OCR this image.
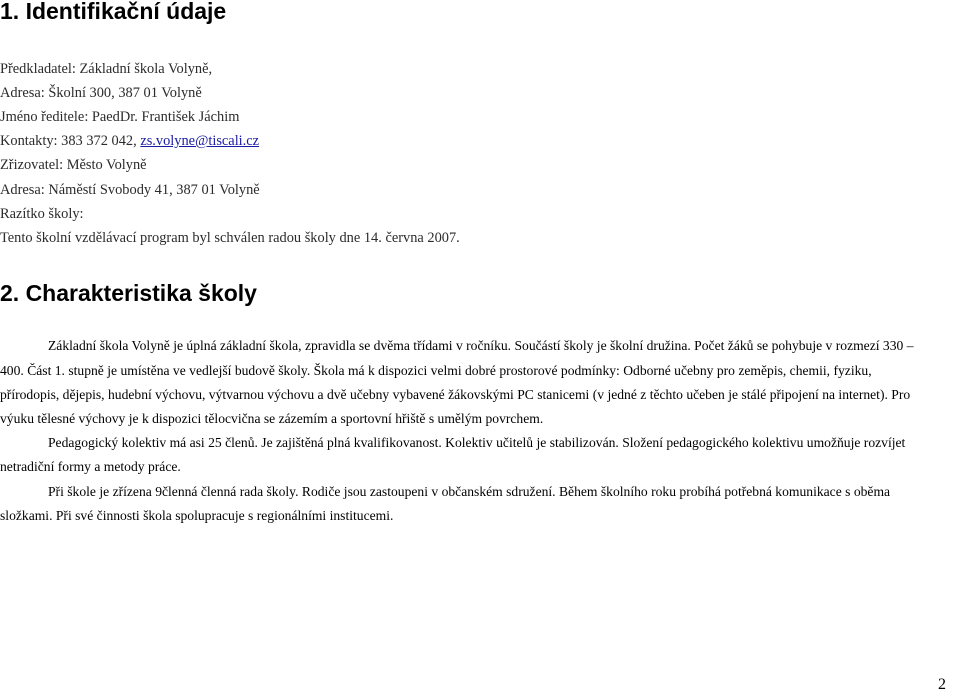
1. Identifikační údaje
Předkladatel: Základní škola Volyně,
Adresa: Školní 300, 387 01 Volyně
Jméno ředitele: PaedDr. František Jáchim
Kontakty: 383 372 042, zs.volyne@tiscali.cz
Zřizovatel: Město Volyně
Adresa: Náměstí Svobody 41, 387 01 Volyně
Razítko školy:
Tento školní vzdělávací program byl schválen radou školy dne 14. června 2007.
2. Charakteristika školy
Základní škola Volyně je úplná základní škola, zpravidla se dvěma třídami v ročníku. Součástí školy je školní družina. Počet žáků se pohybuje v rozmezí 330 –
400. Část 1. stupně je umístěna ve vedlejší budově školy. Škola má k dispozici velmi dobré prostorové podmínky: Odborné učebny pro zeměpis, chemii, fyziku,
přírodopis, dějepis, hudební výchovu, výtvarnou výchovu a dvě učebny vybavené žákovskými PC stanicemi (v jedné z těchto učeben je stálé připojení na internet). Pro
výuku tělesné výchovy je k dispozici tělocvična se zázemím a sportovní hřiště s umělým povrchem.
Pedagogický kolektiv má asi 25 členů. Je zajištěná plná kvalifikovanost. Kolektiv učitelů je stabilizován. Složení pedagogického kolektivu umožňuje rozvíjet
netradiční formy a metody práce.
Při škole je zřízena 9členná členná rada školy. Rodiče jsou zastoupeni v občanském sdružení. Během školního roku probíhá potřebná komunikace s oběma
složkami. Při své činnosti škola spolupracuje s regionálními institucemi.
2
